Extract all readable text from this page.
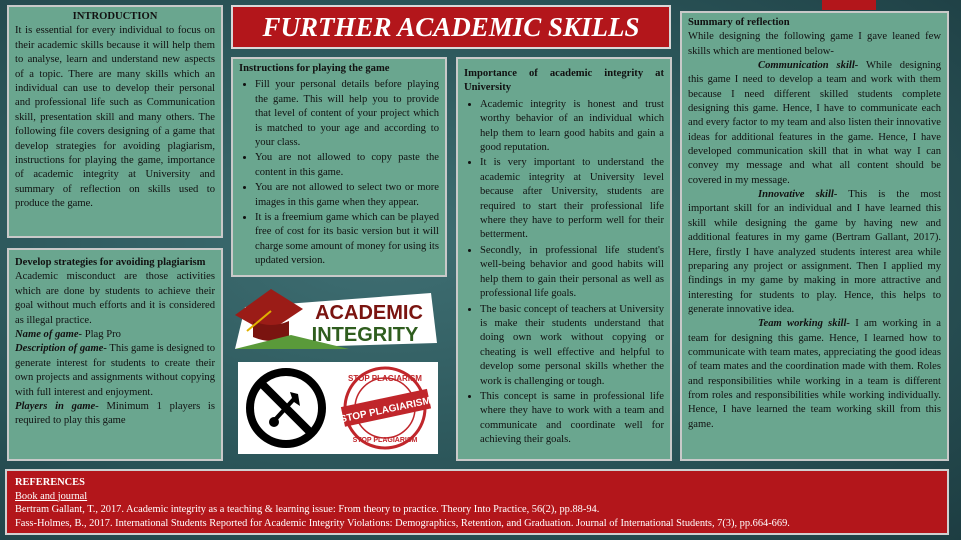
FURTHER ACADEMIC SKILLS
INTRODUCTION
It is essential for every individual to focus on their academic skills because it will help them to analyse, learn and understand new aspects of a topic. There are many skills which an individual can use to develop their personal and professional life such as Communication skill, presentation skill and many others. The following file covers designing of a game that develop strategies for avoiding plagiarism, instructions for playing the game, importance of academic integrity at University and summary of reflection on skills used to produce the game.
Develop strategies for avoiding plagiarism
Academic misconduct are those activities which are done by students to achieve their goal without much efforts and it is considered as illegal practice.
Name of game- Plag Pro
Description of game- This game is designed to generate interest for students to create their own projects and assignments without copying with full interest and enjoyment.
Players in game- Minimum 1 players is required to play this game
Instructions for playing the game
• Fill your personal details before playing the game. This will help you to provide that level of content of your project which is matched to your age and according to your class.
• You are not allowed to copy paste the content in this game.
• You are not allowed to select two or more images in this game when they appear.
• It is a freemium game which can be played free of cost for its basic version but it will charge some amount of money for using its updated version.
Importance of academic integrity at University
• Academic integrity is honest and trust worthy behavior of an individual which help them to learn good habits and gain a good reputation.
• It is very important to understand the academic integrity at University level because after University, students are required to start their professional life where they have to perform well for their betterment.
• Secondly, in professional life student's well-being behavior and good habits will help them to gain their personal as well as professional life goals.
• The basic concept of teachers at University is make their students understand that doing own work without copying or cheating is well effective and helpful to develop some personal skills whether the work is challenging or tough.
• This concept is same in professional life where they have to work with a team and communicate and coordinate well for achieving their goals.
Summary of reflection
While designing the following game I gave leaned few skills which are mentioned below-
Communication skill- While designing this game I need to develop a team and work with them because I need different skilled students complete designing this game. Hence, I have to communicate each and every factor to my team and also listen their innovative ideas for additional features in the game. Hence, I have developed communication skill that in what way I can convey my message and what all content should be covered in my message.
Innovative skill- This is the most important skill for an individual and I have learned this skill while designing the game by having new and additional features in my game (Bertram Gallant, 2017). Here, firstly I have analyzed students interest area while preparing any project or assignment. Then I applied my findings in my game by making in more attractive and interesting for students to play. Hence, this helps to generate innovative idea.
Team working skill- I am working in a team for designing this game. Hence, I learned how to communicate with team mates, appreciating the good ideas of team mates and the coordination made with them. Roles and responsibilities while working in a team is different from roles and responsibilities while working individually. Hence, I have learned the team working skill from this game.
ACADEMIC
INTEGRITY
STOP PLAGIARISM
STOP PLAGIARISM
STOP PLAGIARISM
REFERENCES
Book and journal
Bertram Gallant, T., 2017. Academic integrity as a teaching & learning issue: From theory to practice. Theory Into Practice, 56(2), pp.88-94.
Fass-Holmes, B., 2017. International Students Reported for Academic Integrity Violations: Demographics, Retention, and Graduation. Journal of International Students, 7(3), pp.664-669.
